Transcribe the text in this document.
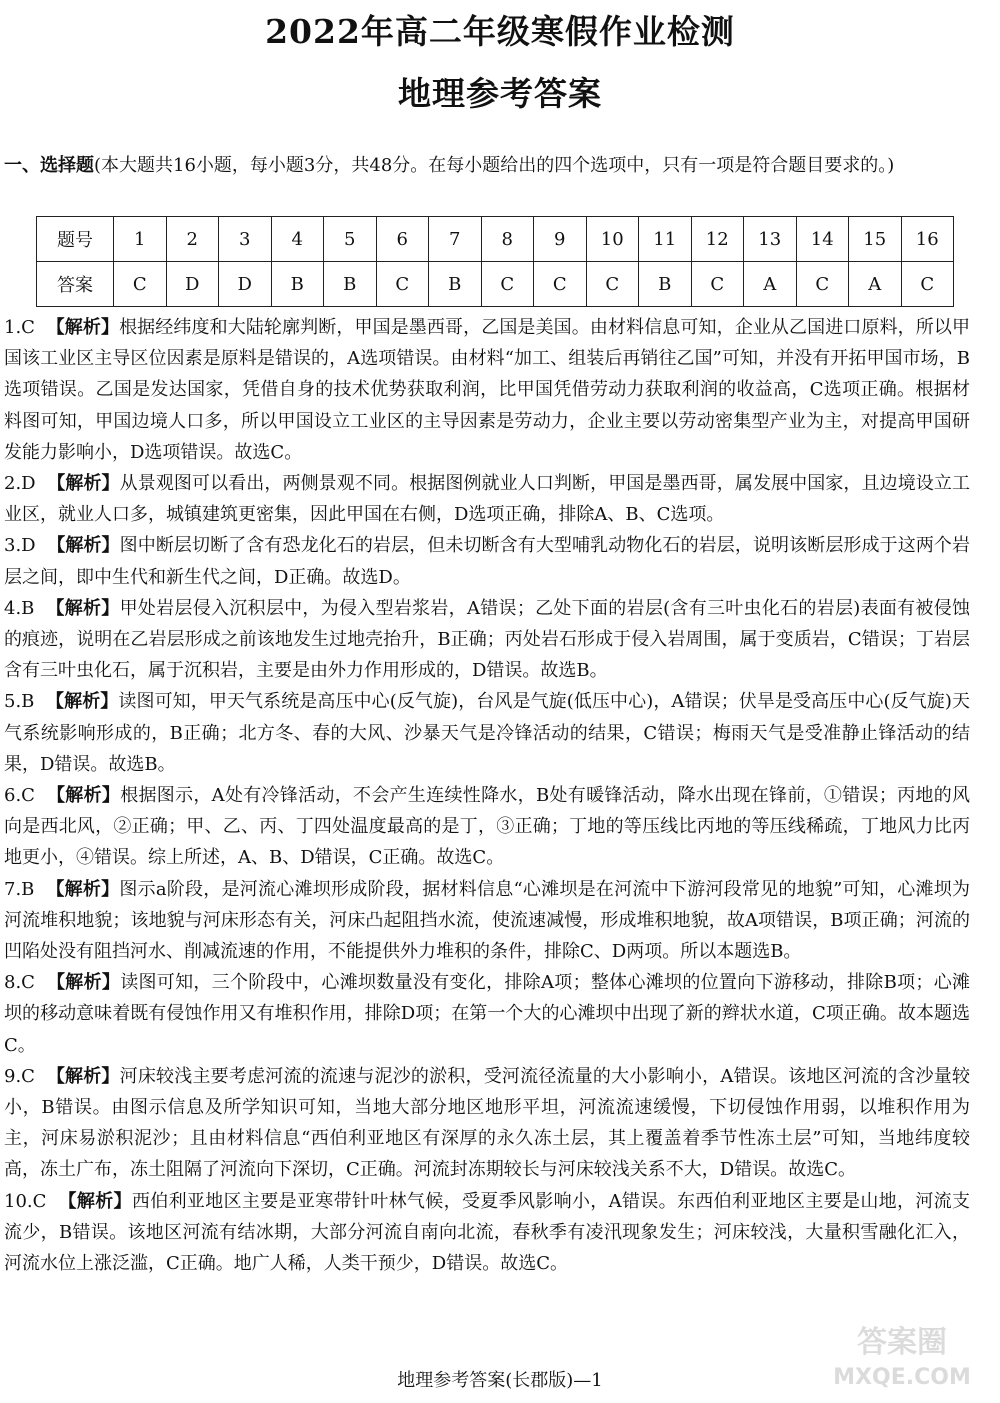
2022年高二年级寒假作业检测
地理参考答案
一、选择题(本大题共16小题，每小题3分，共48分。在每小题给出的四个选项中，只有一项是符合题目要求的。)
题号	1	2	3	4	5	6	7	8	9	10	11	12	13	14	15	16
答案	C	D	D	B	B	C	B	C	C	C	B	C	A	C	A	C

1.C 【解析】根据经纬度和大陆轮廓判断，甲国是墨西哥，乙国是美国。由材料信息可知，企业从乙国进口原料，所以甲国该工业区主导区位因素是原料是错误的，A选项错误。由材料“加工、组装后再销往乙国”可知，并没有开拓甲国市场，B选项错误。乙国是发达国家，凭借自身的技术优势获取利润，比甲国凭借劳动力获取利润的收益高，C选项正确。根据材料图可知，甲国边境人口多，所以甲国设立工业区的主导因素是劳动力，企业主要以劳动密集型产业为主，对提高甲国研发能力影响小，D选项错误。故选C。

2.D 【解析】从景观图可以看出，两侧景观不同。根据图例就业人口判断，甲国是墨西哥，属发展中国家，且边境设立工业区，就业人口多，城镇建筑更密集，因此甲国在右侧，D选项正确，排除A、B、C选项。

3.D 【解析】图中断层切断了含有恐龙化石的岩层，但未切断含有大型哺乳动物化石的岩层，说明该断层形成于这两个岩层之间，即中生代和新生代之间，D正确。故选D。

4.B 【解析】甲处岩层侵入沉积层中，为侵入型岩浆岩，A错误；乙处下面的岩层(含有三叶虫化石的岩层)表面有被侵蚀的痕迹，说明在乙岩层形成之前该地发生过地壳抬升，B正确；丙处岩石形成于侵入岩周围，属于变质岩，C错误；丁岩层含有三叶虫化石，属于沉积岩，主要是由外力作用形成的，D错误。故选B。

5.B 【解析】读图可知，甲天气系统是高压中心(反气旋)，台风是气旋(低压中心)，A错误；伏旱是受高压中心(反气旋)天气系统影响形成的，B正确；北方冬、春的大风、沙暴天气是冷锋活动的结果，C错误；梅雨天气是受准静止锋活动的结果，D错误。故选B。

6.C 【解析】根据图示，A处有冷锋活动，不会产生连续性降水，B处有暖锋活动，降水出现在锋前，①错误；丙地的风向是西北风，②正确；甲、乙、丙、丁四处温度最高的是丁，③正确；丁地的等压线比丙地的等压线稀疏，丁地风力比丙地更小，④错误。综上所述，A、B、D错误，C正确。故选C。

7.B 【解析】图示a阶段，是河流心滩坝形成阶段，据材料信息“心滩坝是在河流中下游河段常见的地貌”可知，心滩坝为河流堆积地貌；该地貌与河床形态有关，河床凸起阻挡水流，使流速减慢，形成堆积地貌，故A项错误，B项正确；河流的凹陷处没有阻挡河水、削减流速的作用，不能提供外力堆积的条件，排除C、D两项。所以本题选B。

8.C 【解析】读图可知，三个阶段中，心滩坝数量没有变化，排除A项；整体心滩坝的位置向下游移动，排除B项；心滩坝的移动意味着既有侵蚀作用又有堆积作用，排除D项；在第一个大的心滩坝中出现了新的辫状水道，C项正确。故本题选C。

9.C 【解析】河床较浅主要考虑河流的流速与泥沙的淤积，受河流径流量的大小影响小，A错误。该地区河流的含沙量较小，B错误。由图示信息及所学知识可知，当地大部分地区地形平坦，河流流速缓慢，下切侵蚀作用弱，以堆积作用为主，河床易淤积泥沙；且由材料信息“西伯利亚地区有深厚的永久冻土层，其上覆盖着季节性冻土层”可知，当地纬度较高，冻土广布，冻土阻隔了河流向下深切，C正确。河流封冻期较长与河床较浅关系不大，D错误。故选C。

10.C 【解析】西伯利亚地区主要是亚寒带针叶林气候，受夏季风影响小，A错误。东西伯利亚地区主要是山地，河流支流少，B错误。该地区河流有结冰期，大部分河流自南向北流，春秋季有凌汛现象发生；河床较浅，大量积雪融化汇入，河流水位上涨泛滥，C正确。地广人稀，人类干预少，D错误。故选C。

答案圈
MXQE.COM
地理参考答案(长郡版)—1
